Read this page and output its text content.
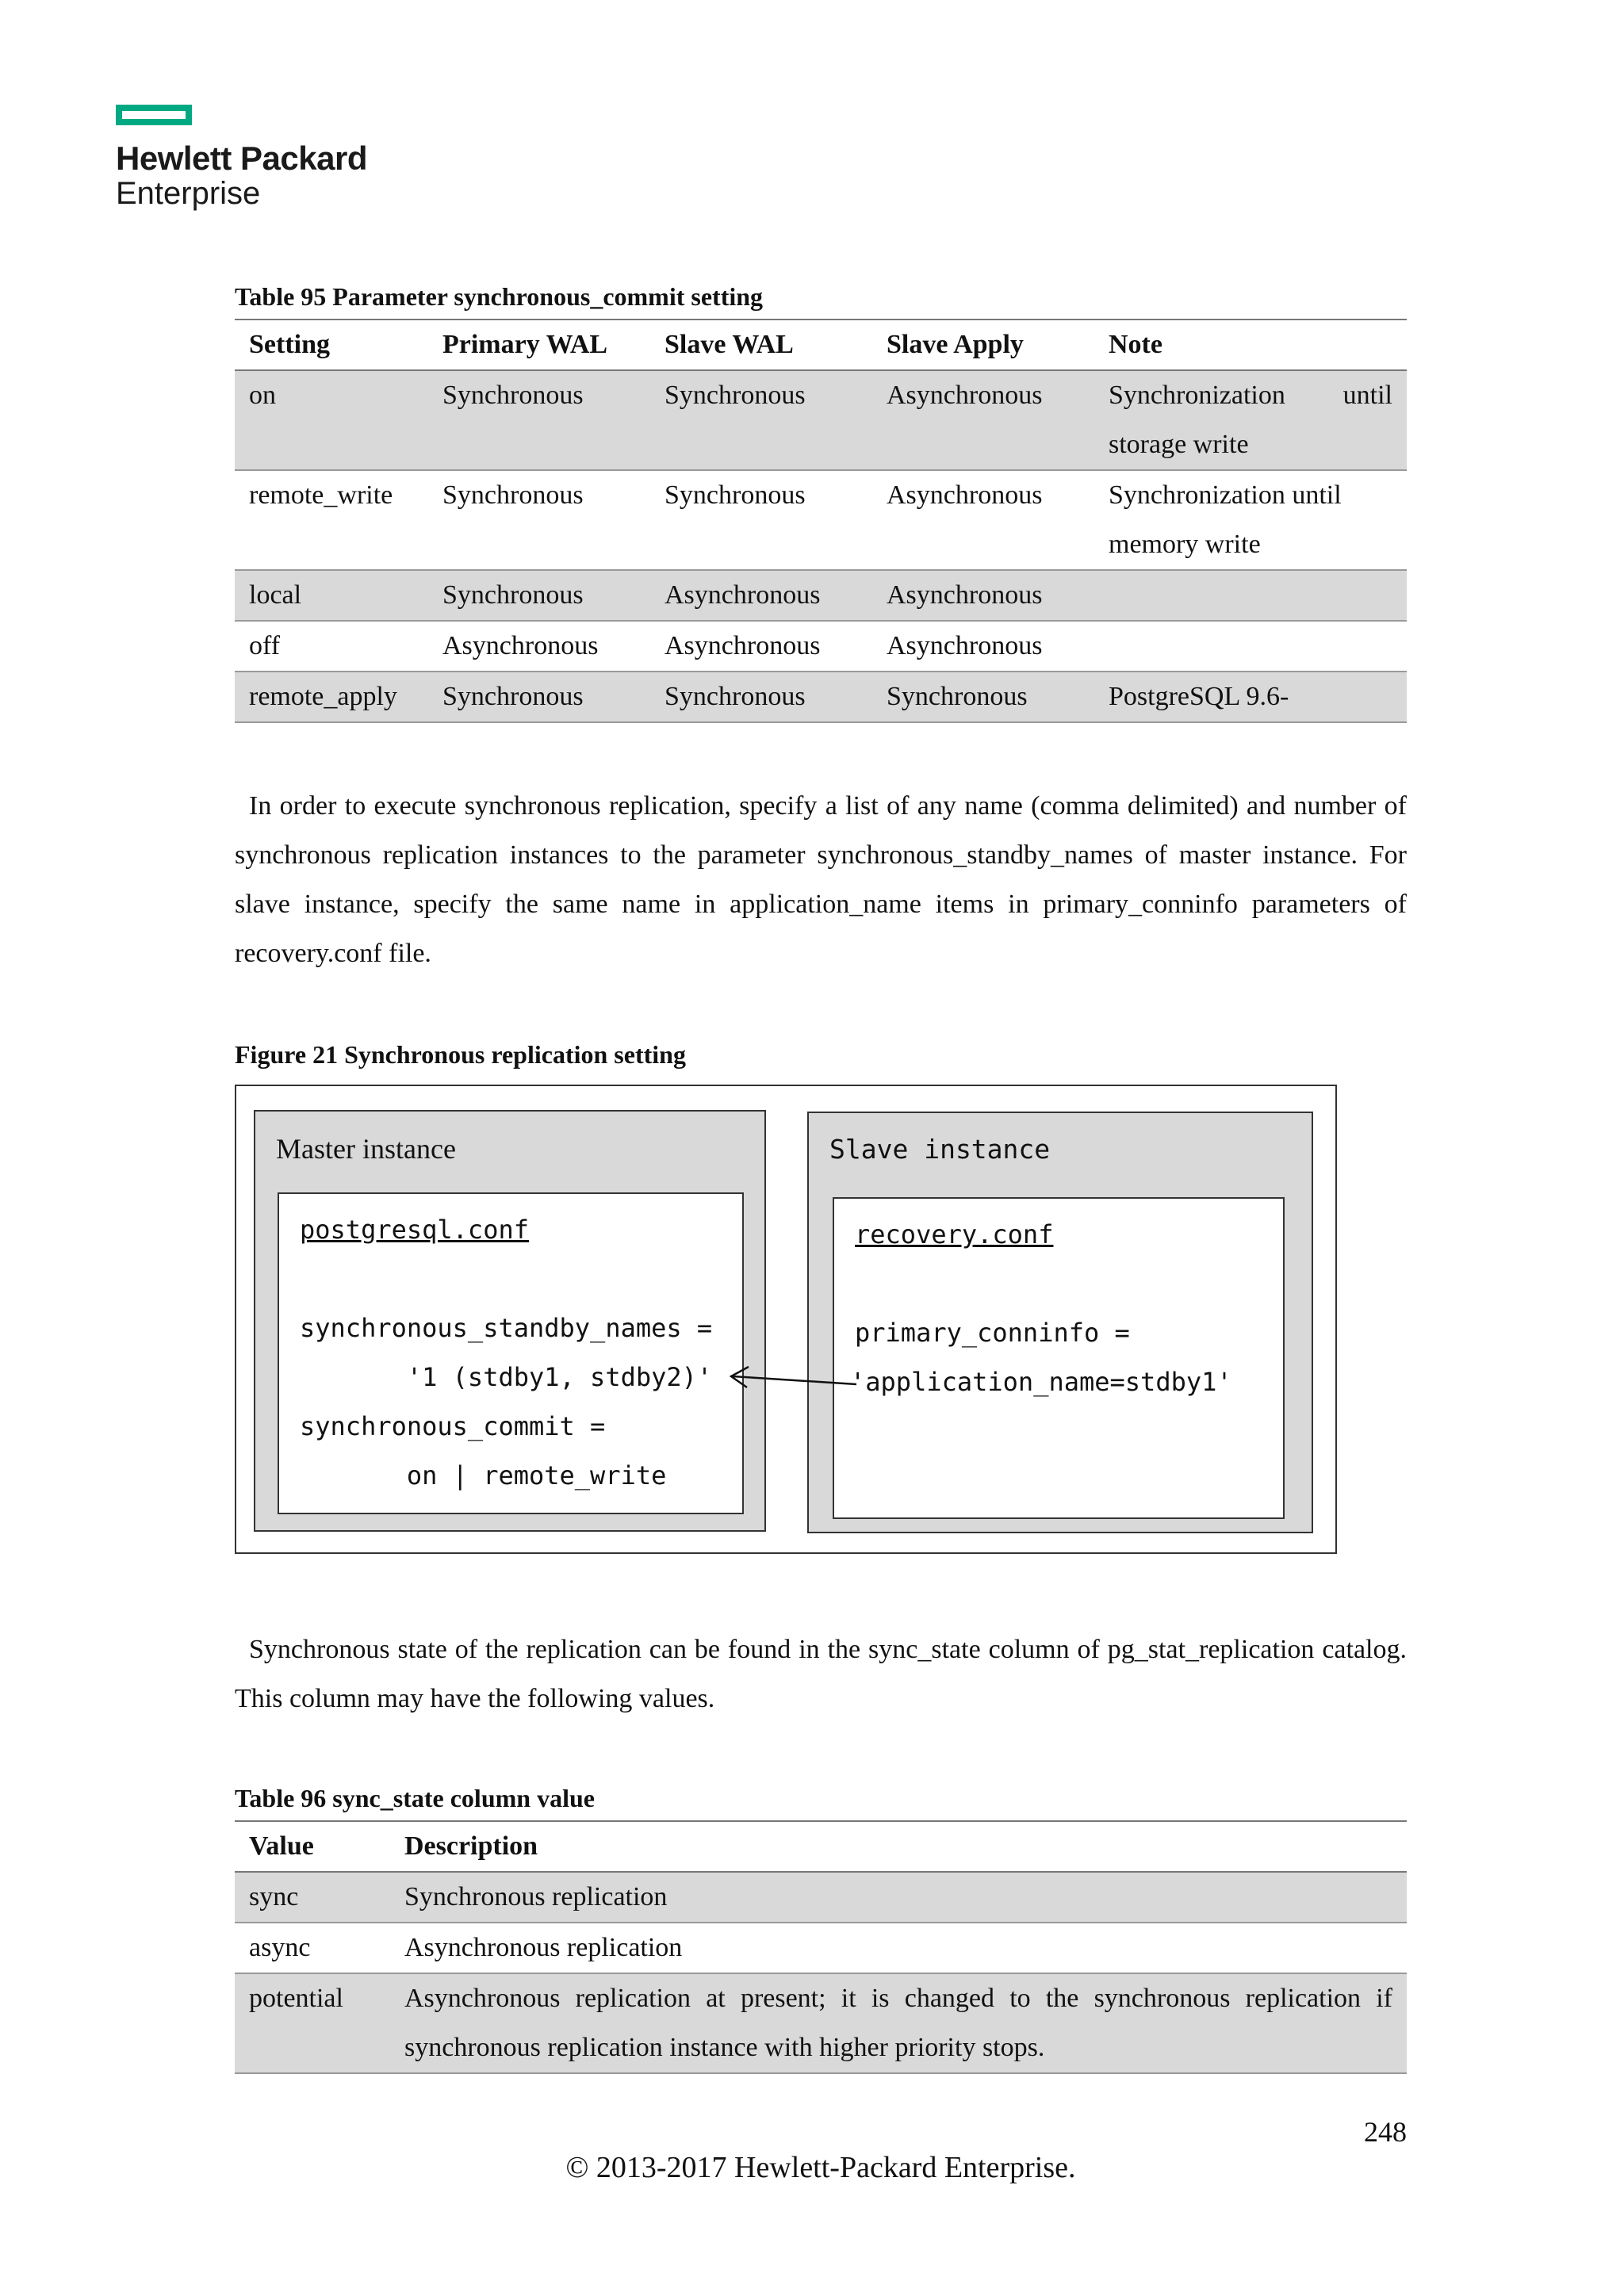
Hewlett Packard
Enterprise
Table 95 Parameter synchronous_commit setting
Setting	Primary WAL	Slave WAL	Slave Apply	Note
on	Synchronous	Synchronous	Asynchronous	Synchronization until storage write
remote_write	Synchronous	Synchronous	Asynchronous	Synchronization until memory write
local	Synchronous	Asynchronous	Asynchronous	
off	Asynchronous	Asynchronous	Asynchronous	
remote_apply	Synchronous	Synchronous	Synchronous	PostgreSQL 9.6-
In order to execute synchronous replication, specify a list of any name (comma delimited) and number of synchronous replication instances to the parameter synchronous_standby_names of master instance. For slave instance, specify the same name in application_name items in primary_conninfo parameters of recovery.conf file.
Figure 21 Synchronous replication setting
Master instance
postgresql.conf
synchronous_standby_names =
'1 (stdby1, stdby2)'
synchronous_commit =
on | remote_write
Slave instance
recovery.conf
primary_conninfo =
'application_name=stdby1'
Synchronous state of the replication can be found in the sync_state column of pg_stat_replication catalog. This column may have the following values.
Table 96 sync_state column value
Value	Description
sync	Synchronous replication
async	Asynchronous replication
potential	Asynchronous replication at present; it is changed to the synchronous replication if synchronous replication instance with higher priority stops.
248
© 2013-2017 Hewlett-Packard Enterprise.
